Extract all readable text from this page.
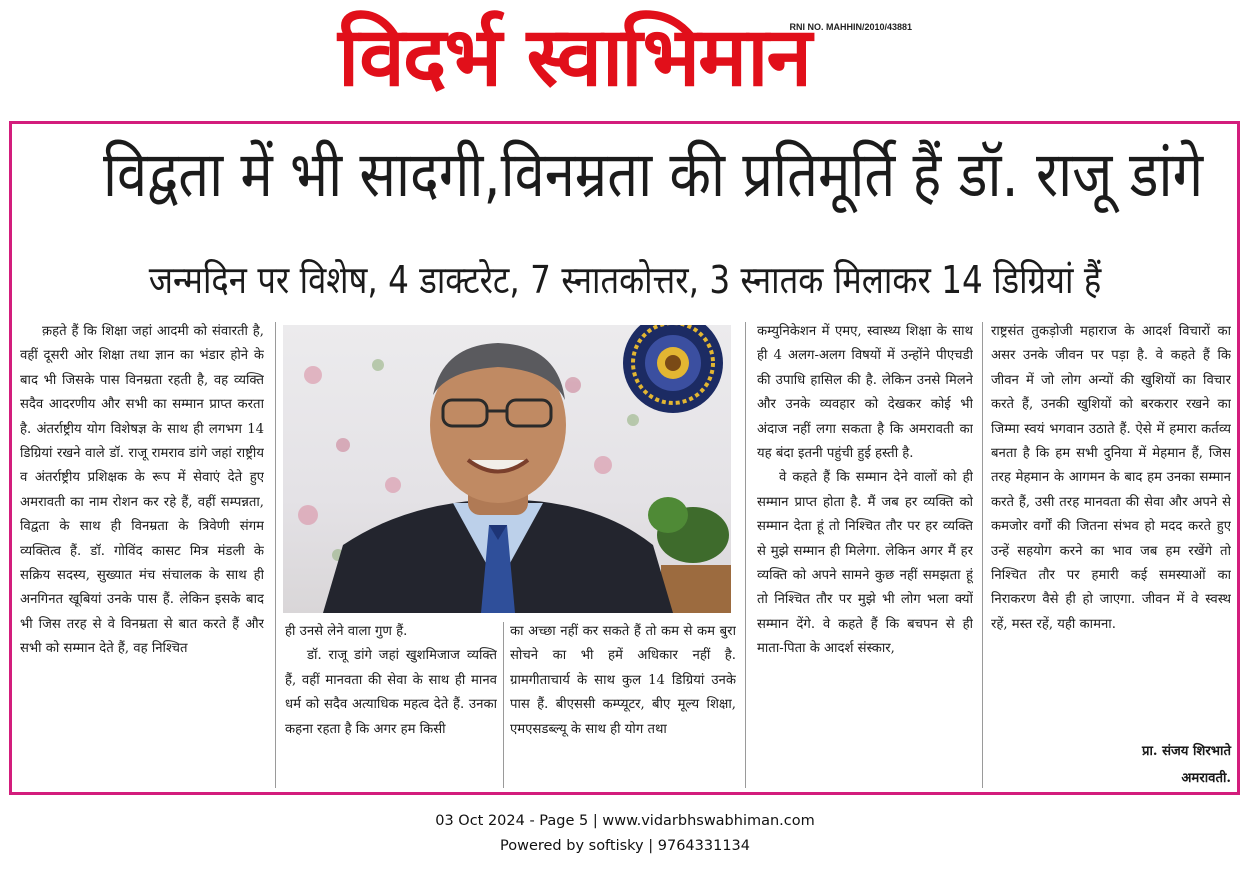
विदर्भ स्वाभिमान
RNI NO. MAHHIN/2010/43881
विद्वता में भी सादगी,विनम्रता की प्रतिमूर्ति हैं डॉ. राजू डांगे
जन्मदिन पर विशेष, 4 डाक्टरेट, 7 स्नातकोत्तर, 3 स्नातक मिलाकर 14 डिग्रियां हैं

क़हते हैं कि शिक्षा जहां आदमी को संवारती है, वहीं दूसरी ओर शिक्षा तथा ज्ञान का भंडार होने के बाद भी जिसके पास विनम्रता रहती है, वह व्यक्ति सदैव आदरणीय और सभी का सम्मान प्राप्त करता है. अंतर्राष्ट्रीय योग विशेषज्ञ के साथ ही लगभग 14 डिग्रियां रखने वाले डॉ. राजू रामराव डांगे जहां राष्ट्रीय व अंतर्राष्ट्रीय प्रशिक्षक के रूप में सेवाएं देते हुए अमरावती का नाम रोशन कर रहे हैं, वहीं सम्पन्नता, विद्वता के साथ ही विनम्रता के त्रिवेणी संगम व्यक्तित्व हैं. डॉ. गोविंद कासट मित्र मंडली के सक्रिय सदस्य, सुख्यात मंच संचालक के साथ ही अनगिनत खूबियां उनके पास हैं. लेकिन इसके बाद भी जिस तरह से वे विनम्रता से बात करते हैं और सभी को सम्मान देते हैं, वह निश्चित

ही उनसे लेने वाला गुण हैं.

डॉ. राजू डांगे जहां खुशमिजाज व्यक्ति हैं, वहीं मानवता की सेवा के साथ ही मानव धर्म को सदैव अत्याधिक महत्व देते हैं. उनका कहना रहता है कि अगर हम किसी

का अच्छा नहीं कर सकते हैं तो कम से कम बुरा सोचने का भी हमें अधिकार नहीं है. ग्रामगीताचार्य के साथ कुल 14 डिग्रियां उनके पास हैं. बीएससी कम्प्यूटर, बीए मूल्य शिक्षा, एमएसडब्ल्यू के साथ ही योग तथा

कम्युनिकेशन में एमए, स्वास्थ्य शिक्षा के साथ ही 4 अलग-अलग विषयों में उन्होंने पीएचडी की उपाधि हासिल की है. लेकिन उनसे मिलने और उनके व्यवहार को देखकर कोई भी अंदाज नहीं लगा सकता है कि अमरावती का यह बंदा इतनी पहुंची हुई हस्ती है.

वे कहते हैं कि सम्मान देने वालों को ही सम्मान प्राप्त होता है. मैं जब हर व्यक्ति को सम्मान देता हूं तो निश्चित तौर पर हर व्यक्ति से मुझे सम्मान ही मिलेगा. लेकिन अगर मैं हर व्यक्ति को अपने सामने कुछ नहीं समझता हूं तो निश्चित तौर पर मुझे भी लोग भला क्यों सम्मान देंगे. वे कहते हैं कि बचपन से ही माता-पिता के आदर्श संस्कार,

राष्ट्रसंत तुकड़ोजी महाराज के आदर्श विचारों का असर उनके जीवन पर पड़ा है. वे कहते हैं कि जीवन में जो लोग अन्यों की खुशियों का विचार करते हैं, उनकी खुशियों को बरकरार रखने का जिम्मा स्वयं भगवान उठाते हैं. ऐसे में हमारा कर्तव्य बनता है कि हम सभी दुनिया में मेहमान हैं, जिस तरह मेहमान के आगमन के बाद हम उनका सम्मान करते हैं, उसी तरह मानवता की सेवा और अपने से कमजोर वर्गों की जितना संभव हो मदद करते हुए उन्हें सहयोग करने का भाव जब हम रखेंगे तो निश्चित तौर पर हमारी कई समस्याओं का निराकरण वैसे ही हो जाएगा. जीवन में वे स्वस्थ रहें, मस्त रहें, यही कामना.

प्रा. संजय शिरभाते
अमरावती.
03 Oct 2024 - Page 5 | www.vidarbhswabhiman.com
Powered by softisky | 9764331134
